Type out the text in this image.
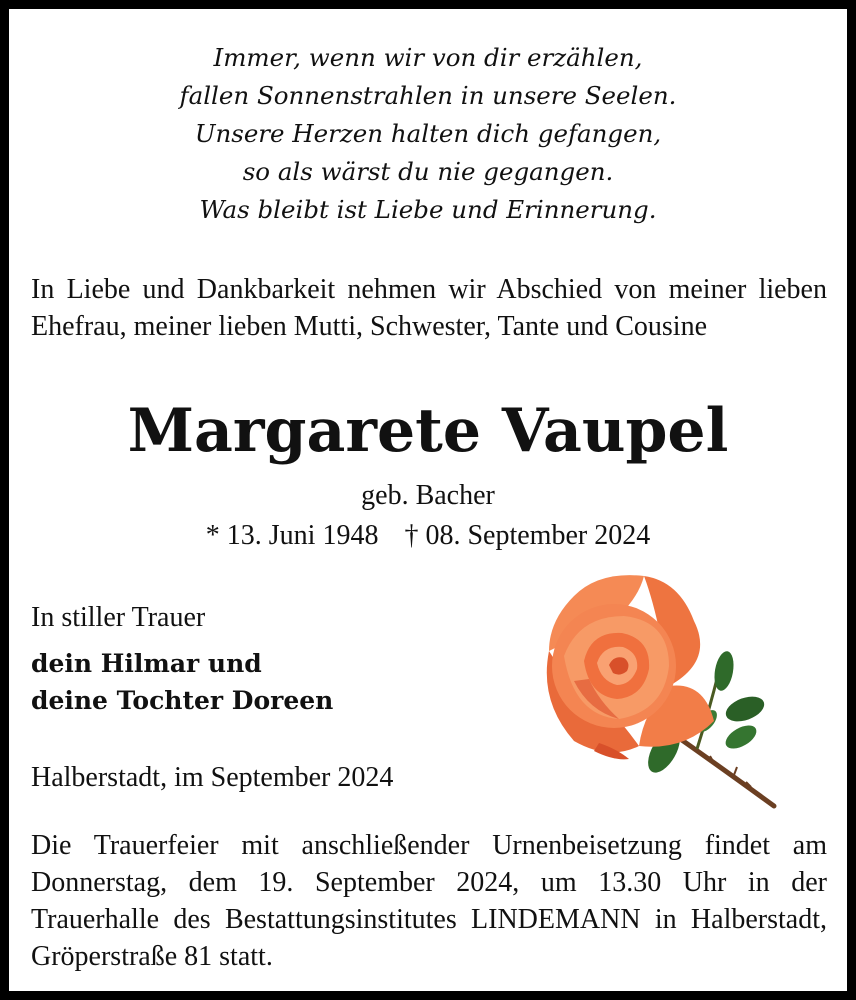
Immer, wenn wir von dir erzählen,
fallen Sonnenstrahlen in unsere Seelen.
Unsere Herzen halten dich gefangen,
so als wärst du nie gegangen.
Was bleibt ist Liebe und Erinnerung.
In Liebe und Dankbarkeit nehmen wir Abschied von meiner lieben Ehefrau, meiner lieben Mutti, Schwester, Tante und Cousine
Margarete Vaupel
geb. Bacher
* 13. Juni 1948 † 08. September 2024
In stiller Trauer
dein Hilmar und
deine Tochter Doreen
Halberstadt, im September 2024
Die Trauerfeier mit anschließender Urnenbeisetzung findet am Donnerstag, dem 19. September 2024, um 13.30 Uhr in der Trauerhalle des Bestattungsinstitutes LINDEMANN in Halberstadt, Gröperstraße 81 statt.
